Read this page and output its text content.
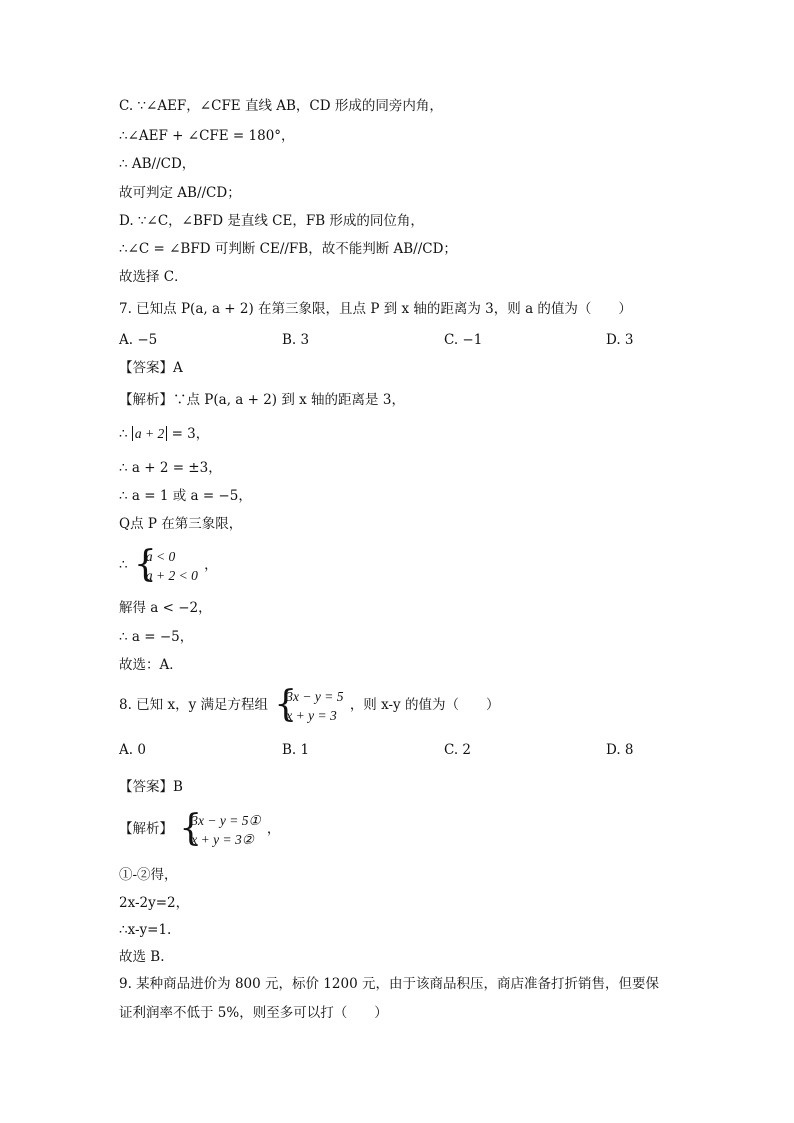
C. ∵∠AEF，∠CFE 直线 AB，CD 形成的同旁内角，
∴∠AEF + ∠CFE = 180°，
∴ AB//CD，
故可判定 AB//CD；
D. ∵∠C，∠BFD 是直线 CE，FB 形成的同位角，
∴∠C = ∠BFD 可判断 CE//FB，故不能判断 AB//CD；
故选择 C．
7. 已知点 P(a, a + 2) 在第三象限，且点 P 到 x 轴的距离为 3，则 a 的值为（　　）
A. −5	B. 3	C. −1	D. 3
【答案】A
【解析】∵点 P(a, a + 2) 到 x 轴的距离是 3，
∴ a + 2 = 3，
∴ a + 2 = ±3，
∴ a = 1 或 a = −5，
Q点 P 在第三象限，
∴
{ a < 0
a + 2 < 0
，
解得 a < −2，
∴ a = −5，
故选：A．
8. 已知 x，y 满足方程组
{ 3x − y = 5
x + y = 3
，则 x-y 的值为（　　）
A. 0	B. 1	C. 2	D. 8
【答案】B
【解析】
{ 3x − y = 5①
x + y = 3②
，
①-②得，
2x-2y=2，
∴x-y=1.
故选 B.
9. 某种商品进价为 800 元，标价 1200 元，由于该商品积压，商店准备打折销售，但要保
证利润率不低于 5%，则至多可以打（　　）
